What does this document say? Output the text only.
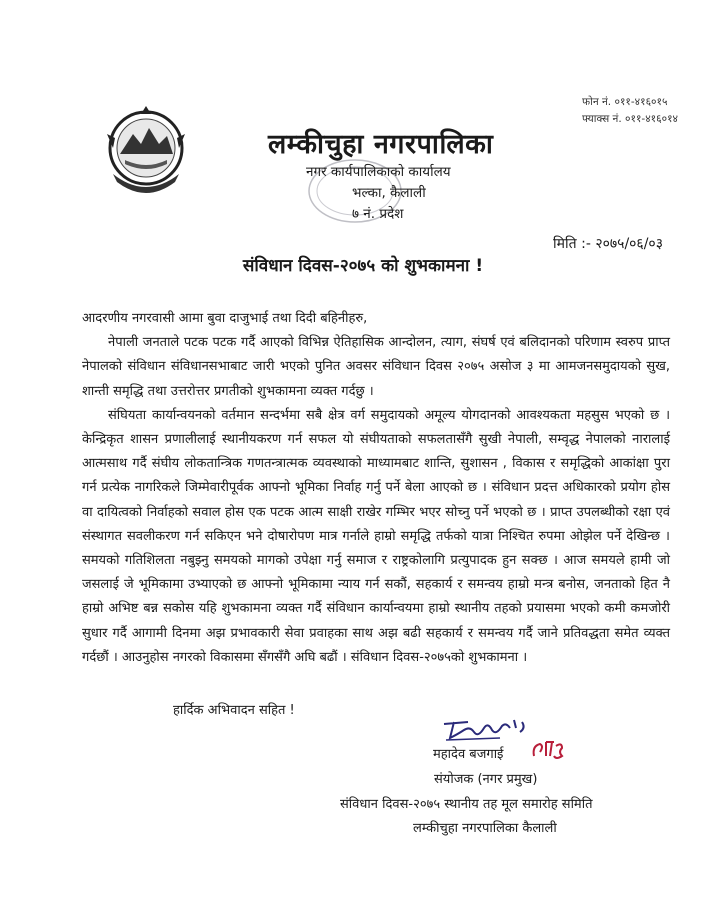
फोन नं. ०११-४१६०१५
फ्याक्स नं. ०११-४१६०१४
लम्कीचुहा नगरपालिका
नगर कार्यपालिकाको कार्यालय
भल्का, कैलाली
७ नं. प्रदेश
मिति :- २०७५/०६/०३
संविधान दिवस-२०७५ को शुभकामना !

आदरणीय नगरवासी आमा बुवा दाजुभाई तथा दिदी बहिनीहरु,

नेपाली जनताले पटक पटक गर्दै आएको विभिन्न ऐतिहासिक आन्दोलन, त्याग, संघर्ष एवं बलिदानको परिणाम स्वरुप प्राप्त नेपालको संविधान संविधानसभाबाट जारी भएको पुनित अवसर संविधान दिवस २०७५ असोज ३ मा आमजनसमुदायको सुख, शान्ती समृद्धि तथा उत्तरोत्तर प्रगतीको शुभकामना व्यक्त गर्दछु ।

संघियता कार्यान्वयनको वर्तमान सन्दर्भमा सबै क्षेत्र वर्ग समुदायको अमूल्य योगदानको आवश्यकता महसुस भएको छ । केन्द्रिकृत शासन प्रणालीलाई स्थानीयकरण गर्न सफल यो संघीयताको सफलतासँगै सुखी नेपाली, सम्वृद्ध नेपालको नारालाई आत्मसाथ गर्दै संघीय लोकतान्त्रिक गणतन्त्रात्मक व्यवस्थाको माध्यामबाट शान्ति, सुशासन , विकास र समृद्धिको आकांक्षा पुरा गर्न प्रत्येक नागरिकले जिम्मेवारीपूर्वक आफ्नो भूमिका निर्वाह गर्नु पर्ने बेला आएको छ । संविधान प्रदत्त अधिकारको प्रयोग होस वा दायित्वको निर्वाहको सवाल होस एक पटक आत्म साक्षी राखेर गम्भिर भएर सोच्नु पर्ने भएको छ । प्राप्त उपलब्धीको रक्षा एवं संस्थागत सवलीकरण गर्न सकिएन भने दोषारोपण मात्र गर्नाले हाम्रो समृद्धि तर्फको यात्रा निश्चित रुपमा ओझेल पर्ने देखिन्छ । समयको गतिशिलता नबुझ्नु समयको मागको उपेक्षा गर्नु समाज र राष्ट्रकोलागि प्रत्युपादक हुन सक्छ । आज समयले हामी जो जसलाई जे भूमिकामा उभ्याएको छ आफ्नो भूमिकामा न्याय गर्न सकौं, सहकार्य र समन्वय हाम्रो मन्त्र बनोस, जनताको हित नै हाम्रो अभिष्ट बन्न सकोस यहि शुभकामना व्यक्त गर्दै संविधान कार्यान्वयमा हाम्रो स्थानीय तहको प्रयासमा भएको कमी कमजोरी सुधार गर्दै आगामी दिनमा अझ प्रभावकारी सेवा प्रवाहका साथ अझ बढी सहकार्य र समन्वय गर्दै जाने प्रतिवद्धता समेत व्यक्त गर्दछौं । आउनुहोस नगरको विकासमा सँगसँगै अघि बढौं । संविधान दिवस-२०७५को शुभकामना ।

हार्दिक अभिवादन सहित !
महादेव बजगाई
संयोजक (नगर प्रमुख)
संविधान दिवस-२०७५ स्थानीय तह मूल समारोह समिति
लम्कीचुहा नगरपालिका कैलाली
